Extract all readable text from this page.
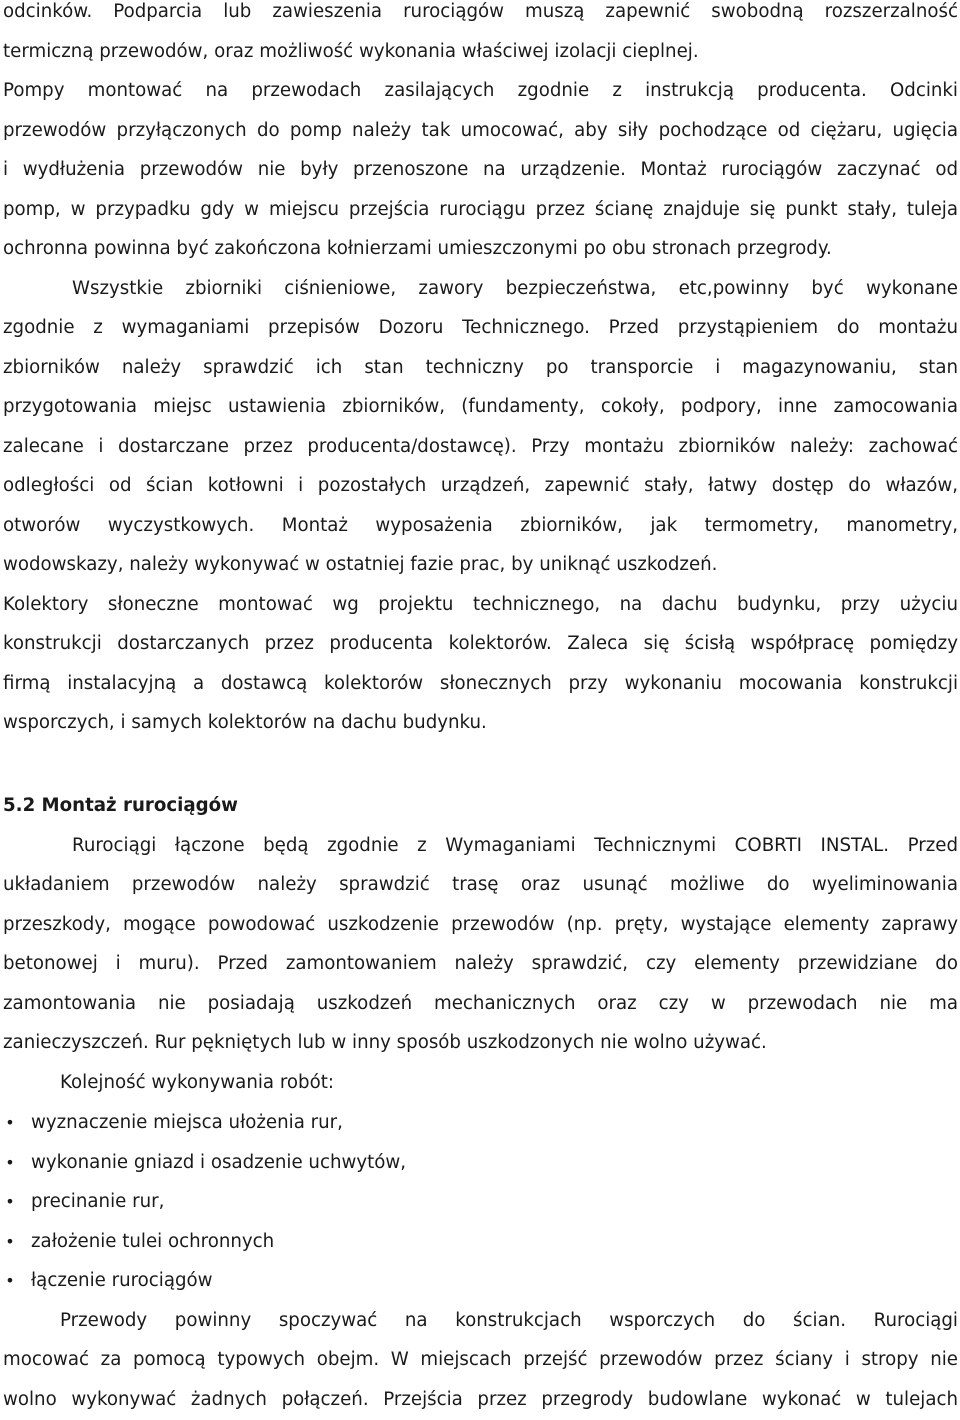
odcinków. Podparcia lub zawieszenia rurociągów muszą zapewnić swobodną rozszerzalność
termiczną przewodów, oraz możliwość wykonania właściwej izolacji cieplnej.
Pompy montować na przewodach zasilających zgodnie z instrukcją producenta. Odcinki
przewodów przyłączonych do pomp należy tak umocować, aby siły pochodzące od ciężaru, ugięcia
i wydłużenia przewodów nie były przenoszone na urządzenie. Montaż rurociągów zaczynać od
pomp, w przypadku gdy w miejscu przejścia rurociągu przez ścianę znajduje się punkt stały, tuleja
ochronna powinna być zakończona kołnierzami umieszczonymi po obu stronach przegrody.
Wszystkie zbiorniki ciśnieniowe, zawory bezpieczeństwa, etc,powinny być wykonane
zgodnie z wymaganiami przepisów Dozoru Technicznego. Przed przystąpieniem do montażu
zbiorników należy sprawdzić ich stan techniczny po transporcie i magazynowaniu, stan
przygotowania miejsc ustawienia zbiorników, (fundamenty, cokoły, podpory, inne zamocowania
zalecane i dostarczane przez producenta/dostawcę). Przy montażu zbiorników należy: zachować
odległości od ścian kotłowni i pozostałych urządzeń, zapewnić stały, łatwy dostęp do włazów,
otworów wyczystkowych. Montaż wyposażenia zbiorników, jak termometry, manometry,
wodowskazy, należy wykonywać w ostatniej fazie prac, by uniknąć uszkodzeń.
Kolektory słoneczne montować wg projektu technicznego, na dachu budynku, przy użyciu
konstrukcji dostarczanych przez producenta kolektorów. Zaleca się ścisłą współpracę pomiędzy
firmą instalacyjną a dostawcą kolektorów słonecznych przy wykonaniu mocowania konstrukcji
wsporczych, i samych kolektorów na dachu budynku.
5.2 Montaż rurociągów
Rurociągi łączone będą zgodnie z Wymaganiami Technicznymi COBRTI INSTAL. Przed
układaniem przewodów należy sprawdzić trasę oraz usunąć możliwe do wyeliminowania
przeszkody, mogące powodować uszkodzenie przewodów (np. pręty, wystające elementy zaprawy
betonowej i muru). Przed zamontowaniem należy sprawdzić, czy elementy przewidziane do
zamontowania nie posiadają uszkodzeń mechanicznych oraz czy w przewodach nie ma
zanieczyszczeń. Rur pękniętych lub w inny sposób uszkodzonych nie wolno używać.
Kolejność wykonywania robót:
• wyznaczenie miejsca ułożenia rur,
• wykonanie gniazd i osadzenie uchwytów,
• precinanie rur,
• założenie tulei ochronnych
• łączenie rurociągów
Przewody powinny spoczywać na konstrukcjach wsporczych do ścian. Rurociągi
mocować za pomocą typowych obejm. W miejscach przejść przewodów przez ściany i stropy nie
wolno wykonywać żadnych połączeń. Przejścia przez przegrody budowlane wykonać w tulejach
